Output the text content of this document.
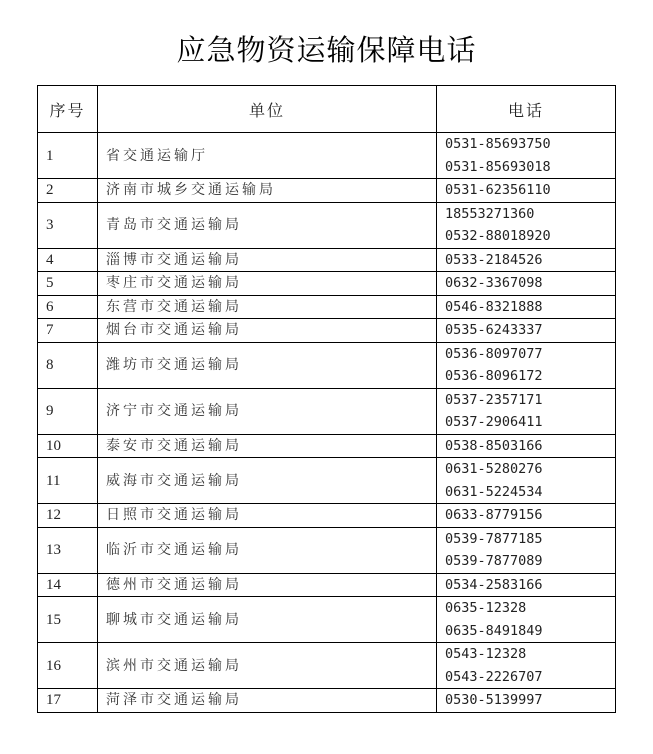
应急物资运输保障电话
序号	单位	电话
1	省交通运输厅	0531-85693750
0531-85693018

2	济南市城乡交通运输局	0531-62356110

3	青岛市交通运输局	18553271360
0532-88018920

4	淄博市交通运输局	0533-2184526

5	枣庄市交通运输局	0632-3367098

6	东营市交通运输局	0546-8321888

7	烟台市交通运输局	0535-6243337

8	潍坊市交通运输局	0536-8097077
0536-8096172

9	济宁市交通运输局	0537-2357171
0537-2906411

10	泰安市交通运输局	0538-8503166

11	威海市交通运输局	0631-5280276
0631-5224534

12	日照市交通运输局	0633-8779156

13	临沂市交通运输局	0539-7877185
0539-7877089

14	德州市交通运输局	0534-2583166

15	聊城市交通运输局	0635-12328
0635-8491849

16	滨州市交通运输局	0543-12328
0543-2226707

17	菏泽市交通运输局	0530-5139997
